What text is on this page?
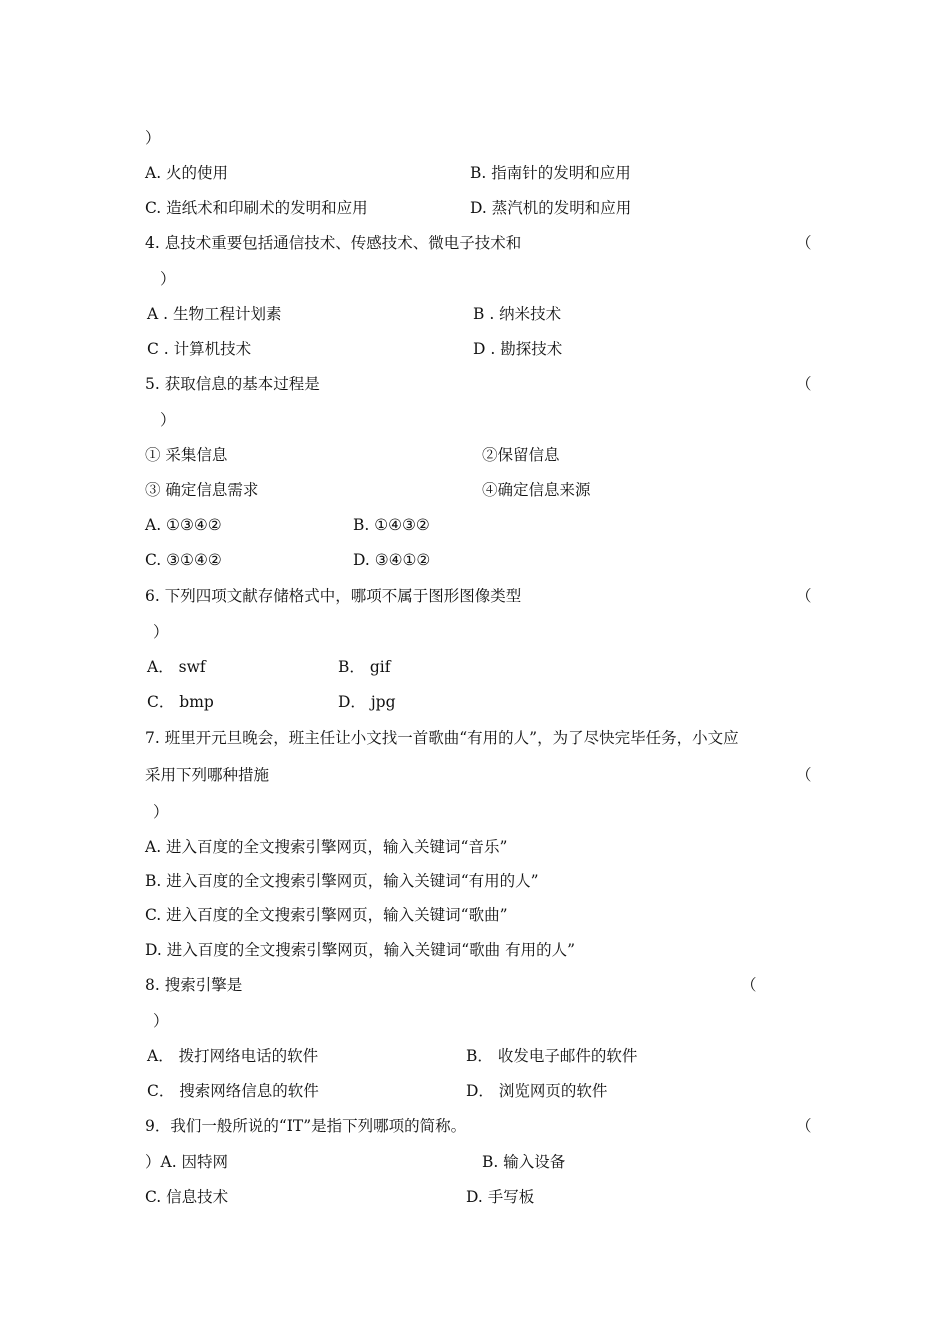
）
A. 火的使用	B. 指南针的发明和应用
C. 造纸术和印刷术的发明和应用	D. 蒸汽机的发明和应用
4. 息技术重要包括通信技术、传感技术、微电子技术和	（
）
A . 生物工程计划素	B . 纳米技术
C . 计算机技术	D . 勘探技术
5. 获取信息的基本过程是	（
）
① 采集信息	②保留信息
③ 确定信息需求	④确定信息来源
A. ①③④②	B. ①④③②
C. ③①④②	D. ③④①②
6. 下列四项文献存储格式中，哪项不属于图形图像类型	（
）
A． swf	B． gif
C． bmp	D． jpg
7. 班里开元旦晚会，班主任让小文找一首歌曲“有用的人”，为了尽快完毕任务，小文应
采用下列哪种措施	（
）
A. 进入百度的全文搜索引擎网页，输入关键词“音乐”
B. 进入百度的全文搜索引擎网页，输入关键词“有用的人”
C. 进入百度的全文搜索引擎网页，输入关键词“歌曲”
D. 进入百度的全文搜索引擎网页，输入关键词“歌曲 有用的人”
8. 搜索引擎是	（
）
A． 拨打网络电话的软件	B． 收发电子邮件的软件
C． 搜索网络信息的软件	D． 浏览网页的软件
9．我们一般所说的“IT”是指下列哪项的简称。	（
）A. 因特网	B. 输入设备
C. 信息技术	D. 手写板
